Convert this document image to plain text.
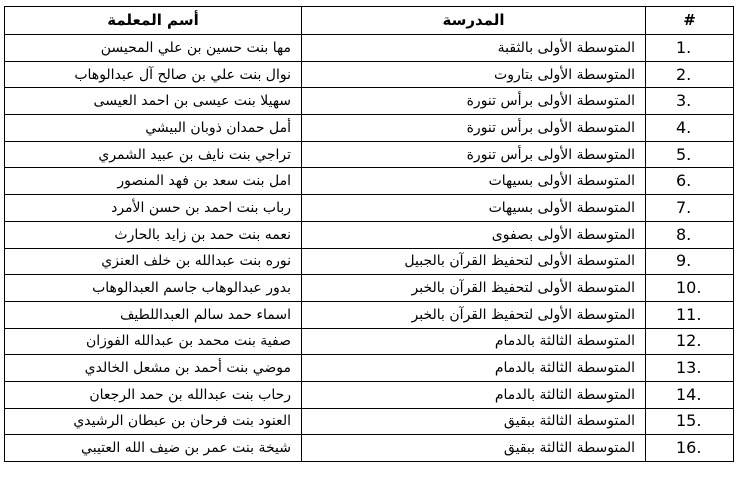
#	المدرسة	أسم المعلمة
1.	المتوسطة الأولى بالثقبة	مها بنت حسين بن علي المحيسن
2.	المتوسطة الأولى بتاروت	نوال بنت علي بن صالح آل عبدالوهاب
3.	المتوسطة الأولى برأس تنورة	سهيلا بنت عيسى بن احمد العيسى
4.	المتوسطة الأولى برأس تنورة	أمل حمدان ذوبان البيشي
5.	المتوسطة الأولى برأس تنورة	تراجي بنت نايف بن عبيد الشمري
6.	المتوسطة الأولى بسيهات	امل بنت سعد بن فهد المنصور
7.	المتوسطة الأولى بسيهات	رباب بنت احمد بن حسن الأمرد
8.	المتوسطة الأولى بصفوى	نعمه بنت حمد بن زايد بالحارث
9.	المتوسطة الأولى لتحفيظ القرآن بالجبيل	نوره بنت عبدالله بن خلف العنزي
10.	المتوسطة الأولى لتحفيظ القرآن بالخبر	بدور عبدالوهاب جاسم العبدالوهاب
11.	المتوسطة الأولى لتحفيظ القرآن بالخبر	اسماء حمد سالم العبداللطيف
12.	المتوسطة الثالثة بالدمام	صفية بنت محمد بن عبدالله الفوزان
13.	المتوسطة الثالثة بالدمام	موضي بنت أحمد بن مشعل الخالدي
14.	المتوسطة الثالثة بالدمام	رحاب بنت عبدالله بن حمد الرجعان
15.	المتوسطة الثالثة ببقيق	العنود بنت فرحان بن عبطان الرشيدي
16.	المتوسطة الثالثة ببقيق	شيخة بنت عمر بن ضيف الله العتيبي
